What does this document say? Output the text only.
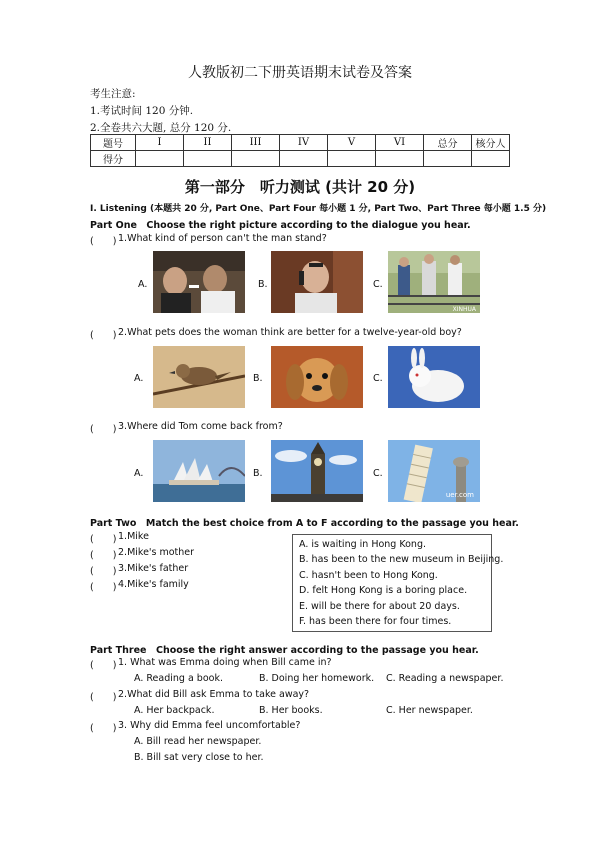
人教版初二下册英语期末试卷及答案
考生注意:
1.考试时间 120 分钟.
2.全卷共六大题, 总分 120 分.
题号	I	II	III	IV	V	VI	总分	核分人
得分								
第一部分　听力测试 (共计 20 分)
I. Listening (本题共 20 分, Part One、Part Four 每小题 1 分, Part Two、Part Three 每小题 1.5 分)
Part One　Choose the right picture according to the dialogue you hear.
(　　) 1.What kind of person can't the man stand?
A.	B.	C.
XINHUA
(　　) 2.What pets does the woman think are better for a twelve-year-old boy?
A.	B.	C.
(　　) 3.Where did Tom come back from?
A.	B.	C.
uer.com
Part Two　Match the best choice from A to F according to the passage you hear.
(　　) 1.Mike
(　　) 2.Mike's mother
(　　) 3.Mike's father
(　　) 4.Mike's family
A. is waiting in Hong Kong.
B. has been to the new museum in Beijing.
C. hasn't been to Hong Kong.
D. felt Hong Kong is a boring place.
E. will be there for about 20 days.
F. has been there for four times.
Part Three　Choose the right answer according to the passage you hear.
(　　) 1. What was Emma doing when Bill came in?
A. Reading a book.	B. Doing her homework. C. Reading a newspaper.
(　　) 2.What did Bill ask Emma to take away?
A. Her backpack.	B. Her books.	C. Her newspaper.
(　　) 3. Why did Emma feel uncomfortable?
A. Bill read her newspaper.
B. Bill sat very close to her.
